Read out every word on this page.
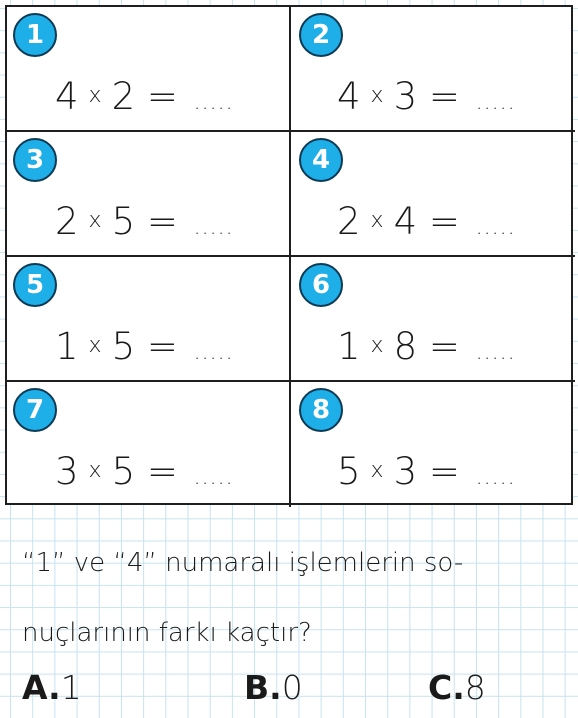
1
4 x 2 = .....
2
4 x 3 = .....
3
2 x 5 = .....
4
2 x 4 = .....
5
1 x 5 = .....
6
1 x 8 = .....
7
3 x 5 = .....
8
5 x 3 = .....
“1” ve “4” numaralı işlemlerin so-
nuçlarının farkı kaçtır?
A.1	B.0	C.8
